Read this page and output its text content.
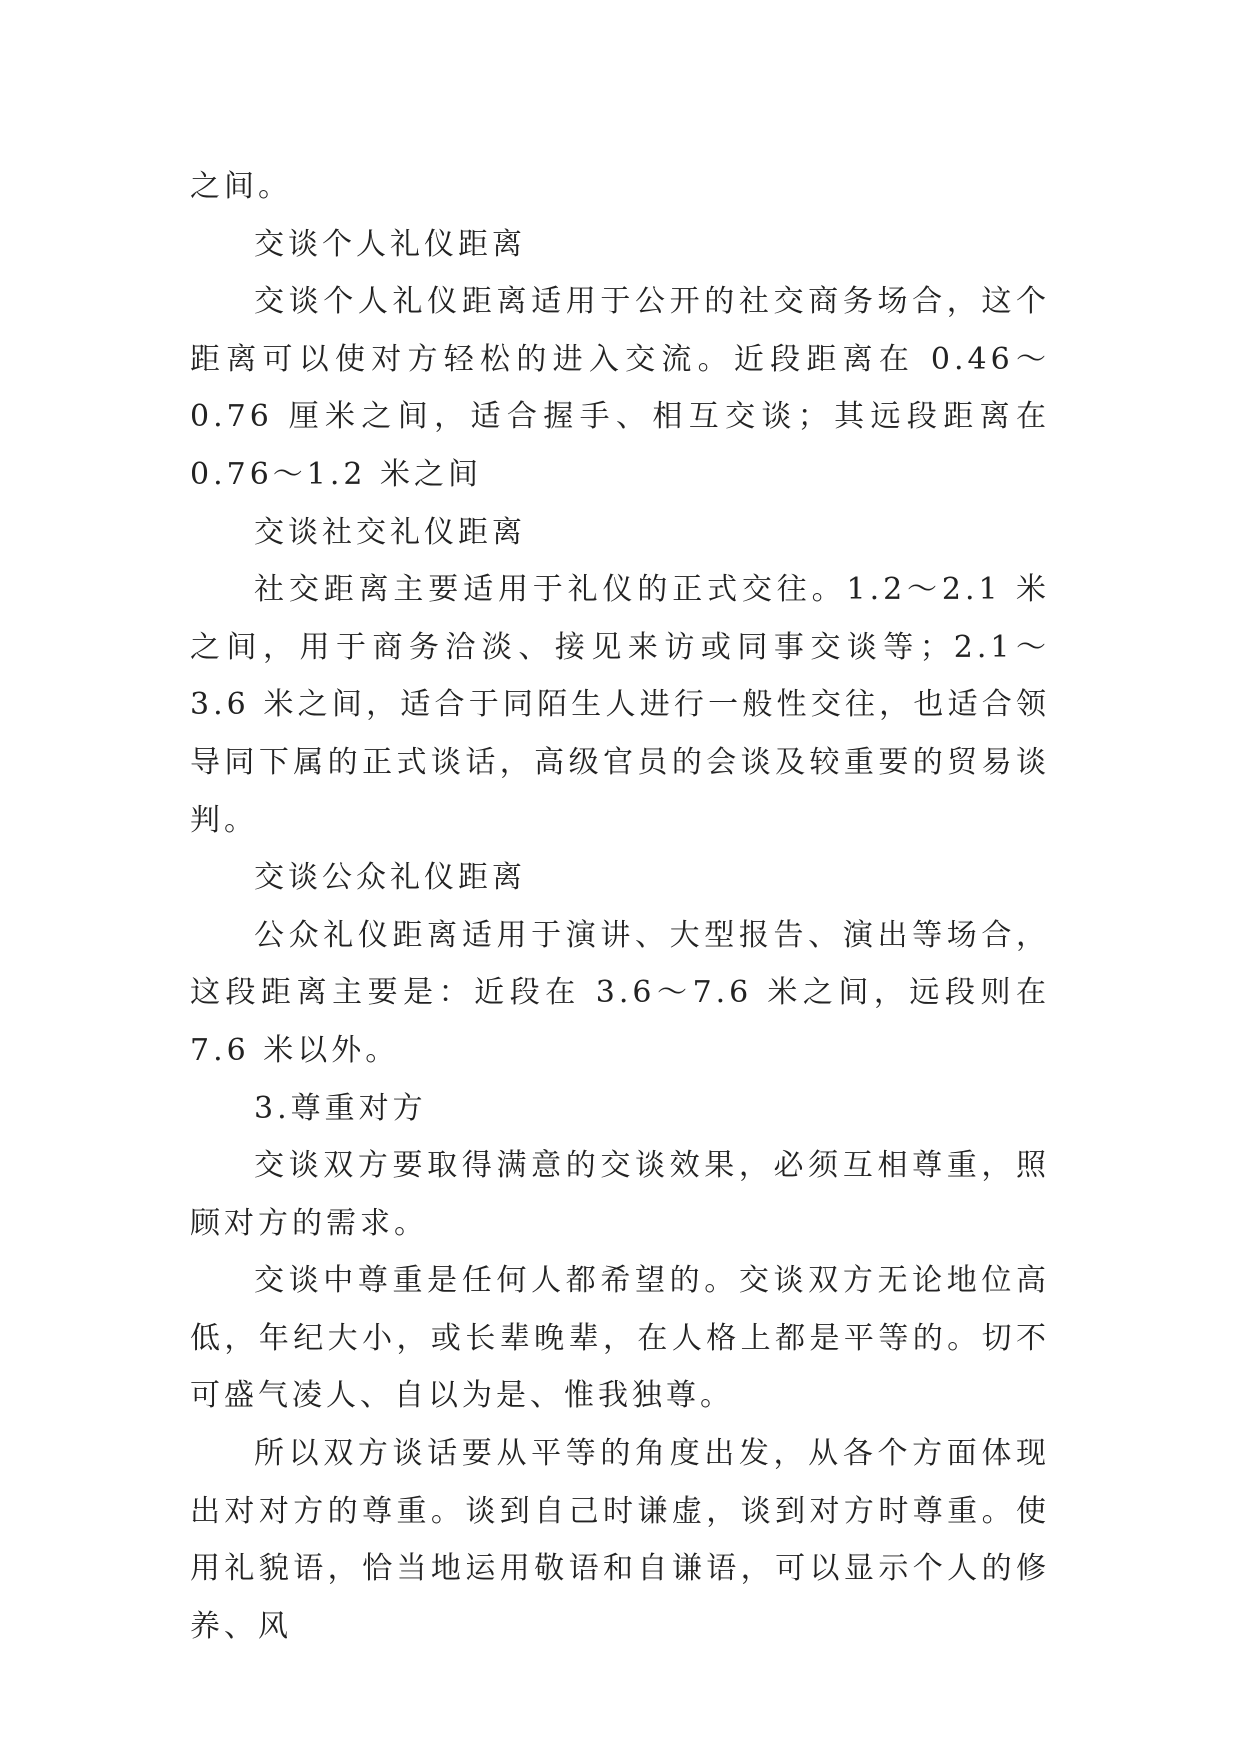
之间。

交谈个人礼仪距离

交谈个人礼仪距离适用于公开的社交商务场合，这个距离可以使对方轻松的进入交流。近段距离在 0.46～0.76 厘米之间，适合握手、相互交谈；其远段距离在 0.76～1.2 米之间

交谈社交礼仪距离

社交距离主要适用于礼仪的正式交往。1.2～2.1 米之间，用于商务洽淡、接见来访或同事交谈等；2.1～3.6 米之间，适合于同陌生人进行一般性交往，也适合领导同下属的正式谈话，高级官员的会谈及较重要的贸易谈判。

交谈公众礼仪距离

公众礼仪距离适用于演讲、大型报告、演出等场合，这段距离主要是：近段在 3.6～7.6 米之间，远段则在 7.6 米以外。

3.尊重对方

交谈双方要取得满意的交谈效果，必须互相尊重，照顾对方的需求。

交谈中尊重是任何人都希望的。交谈双方无论地位高低，年纪大小，或长辈晚辈，在人格上都是平等的。切不可盛气凌人、自以为是、惟我独尊。

所以双方谈话要从平等的角度出发，从各个方面体现出对对方的尊重。谈到自己时谦虚，谈到对方时尊重。使用礼貌语，恰当地运用敬语和自谦语，可以显示个人的修养、风
